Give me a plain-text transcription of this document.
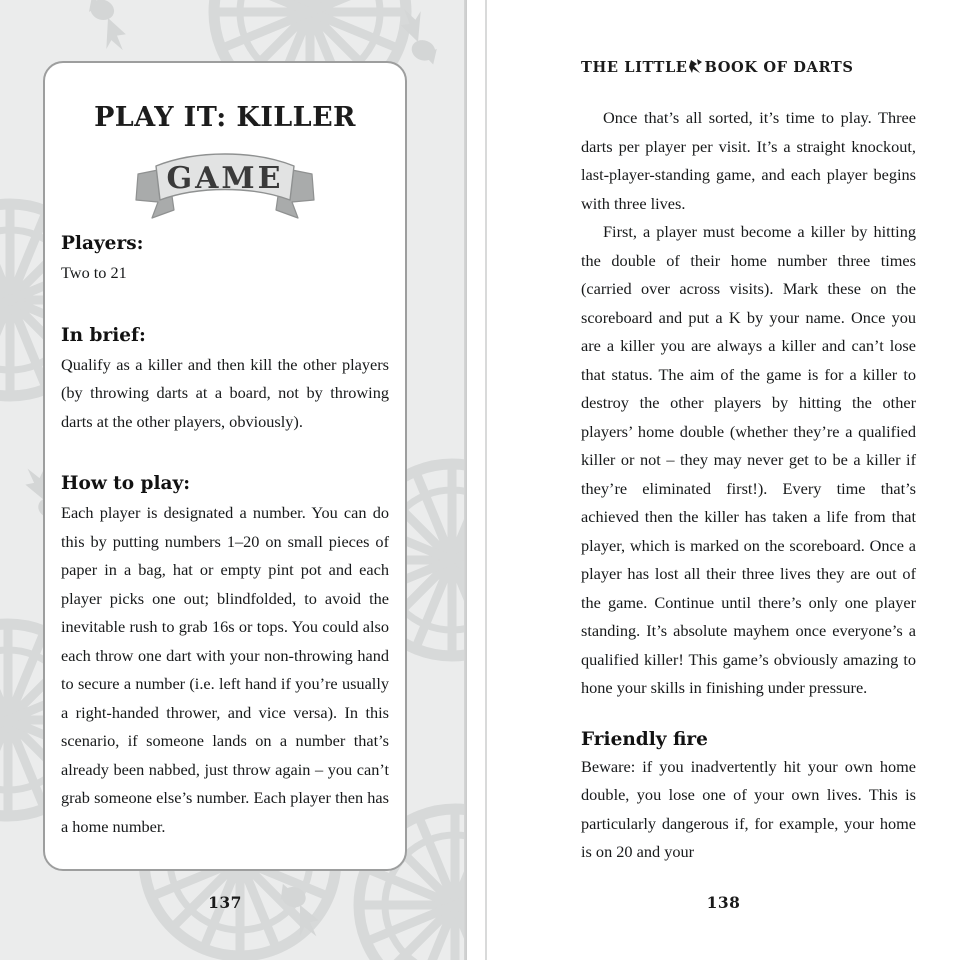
PLAY IT: KILLER
GAME
Players:

Two to 21

In brief:

Qualify as a killer and then kill the other players (by throwing darts at a board, not by throwing darts at the other players, obviously).

How to play:

Each player is designated a number. You can do this by putting numbers 1–20 on small pieces of paper in a bag, hat or empty pint pot and each player picks one out; blindfolded, to avoid the inevitable rush to grab 16s or tops. You could also each throw one dart with your non-throwing hand to secure a number (i.e. left hand if you’re usually a right-handed thrower, and vice versa). In this scenario, if someone lands on a number that’s already been nabbed, just throw again – you can’t grab someone else’s number. Each player then has a home number.

137
THE LITTLE BOOK OF DARTS

Once that’s all sorted, it’s time to play. Three darts per player per visit. It’s a straight knockout, last-player-standing game, and each player begins with three lives.

First, a player must become a killer by hitting the double of their home number three times (carried over across visits). Mark these on the scoreboard and put a K by your name. Once you are a killer you are always a killer and can’t lose that status. The aim of the game is for a killer to destroy the other players by hitting the other players’ home double (whether they’re a qualified killer or not – they may never get to be a killer if they’re eliminated first!). Every time that’s achieved then the killer has taken a life from that player, which is marked on the scoreboard. Once a player has lost all their three lives they are out of the game. Continue until there’s only one player standing. It’s absolute mayhem once everyone’s a qualified killer! This game’s obviously amazing to hone your skills in finishing under pressure.

Friendly fire

Beware: if you inadvertently hit your own home double, you lose one of your own lives. This is particularly dangerous if, for example, your home is on 20 and your

138
